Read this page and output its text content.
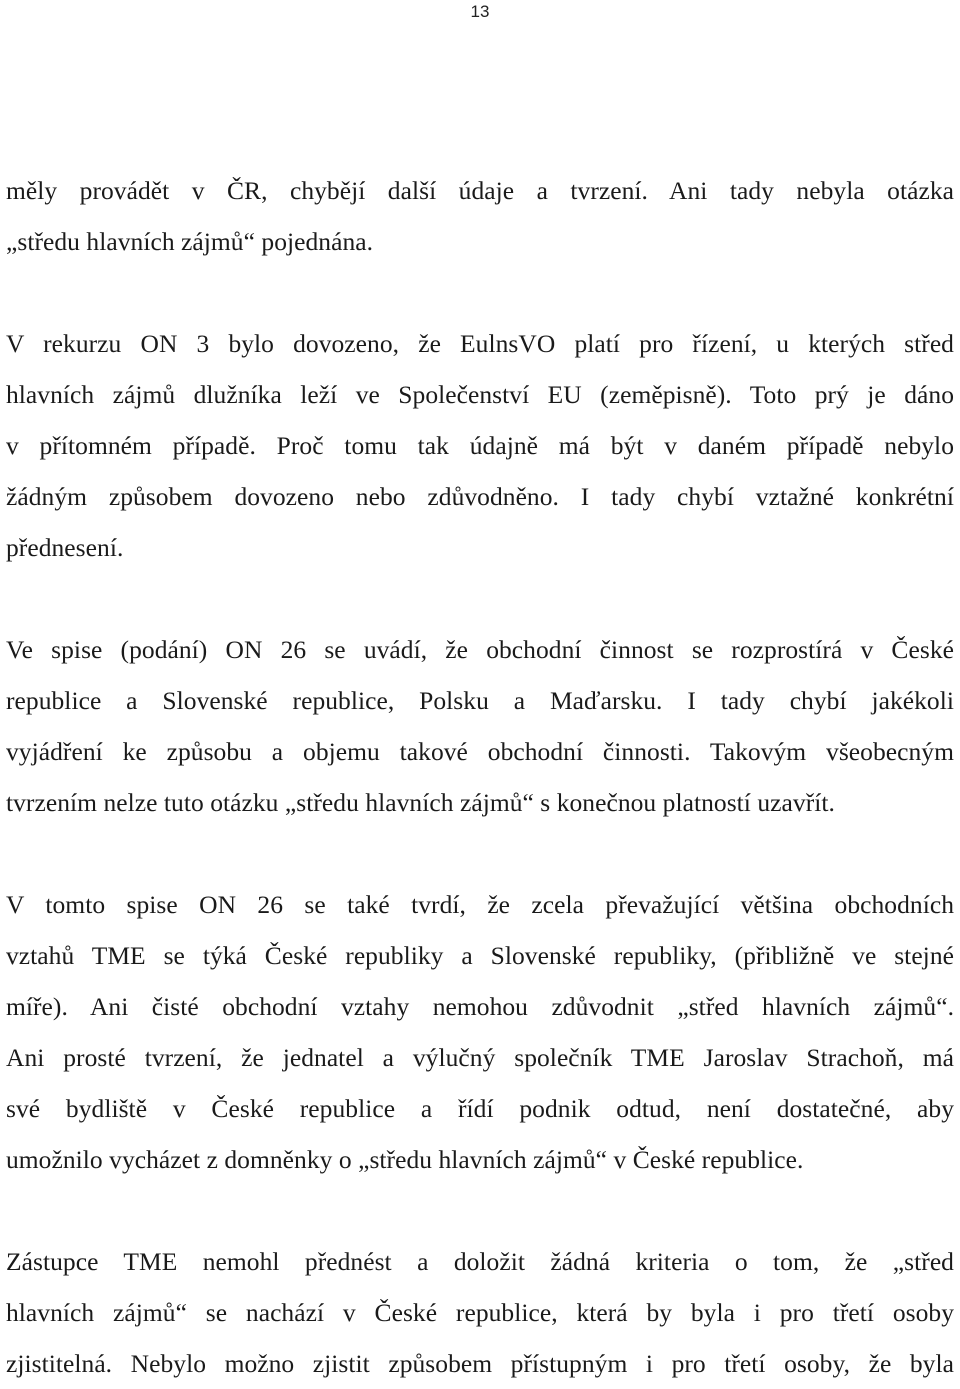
13

měly provádět v ČR, chybějí další údaje a tvrzení. Ani tady nebyla otázka
„středu hlavních zájmů“ pojednána.

V rekurzu ON 3 bylo dovozeno, že EulnsVO platí pro řízení, u kterých střed
hlavních zájmů dlužníka leží ve Společenství EU (zeměpisně). Toto prý je dáno
v přítomném případě. Proč tomu tak údajně má být v daném případě nebylo
žádným způsobem dovozeno nebo zdůvodněno. I tady chybí vztažné konkrétní
přednesení.

Ve spise (podání) ON 26 se uvádí, že obchodní činnost se rozprostírá v České
republice a Slovenské republice, Polsku a Maďarsku. I tady chybí jakékoli
vyjádření ke způsobu a objemu takové obchodní činnosti. Takovým všeobecným
tvrzením nelze tuto otázku „středu hlavních zájmů“ s konečnou platností uzavřít.

V tomto spise ON 26 se také tvrdí, že zcela převažující většina obchodních
vztahů TME se týká České republiky a Slovenské republiky, (přibližně ve stejné
míře). Ani čisté obchodní vztahy nemohou zdůvodnit „střed hlavních zájmů“.
Ani prosté tvrzení, že jednatel a výlučný společník TME Jaroslav Strachoň, má
své bydliště v České republice a řídí podnik odtud, není dostatečné, aby
umožnilo vycházet z domněnky o „středu hlavních zájmů“ v České republice.

Zástupce TME nemohl přednést a doložit žádná kriteria o tom, že „střed
hlavních zájmů“ se nachází v České republice, která by byla i pro třetí osoby
zjistitelná. Nebylo možno zjistit způsobem přístupným i pro třetí osoby, že byla
